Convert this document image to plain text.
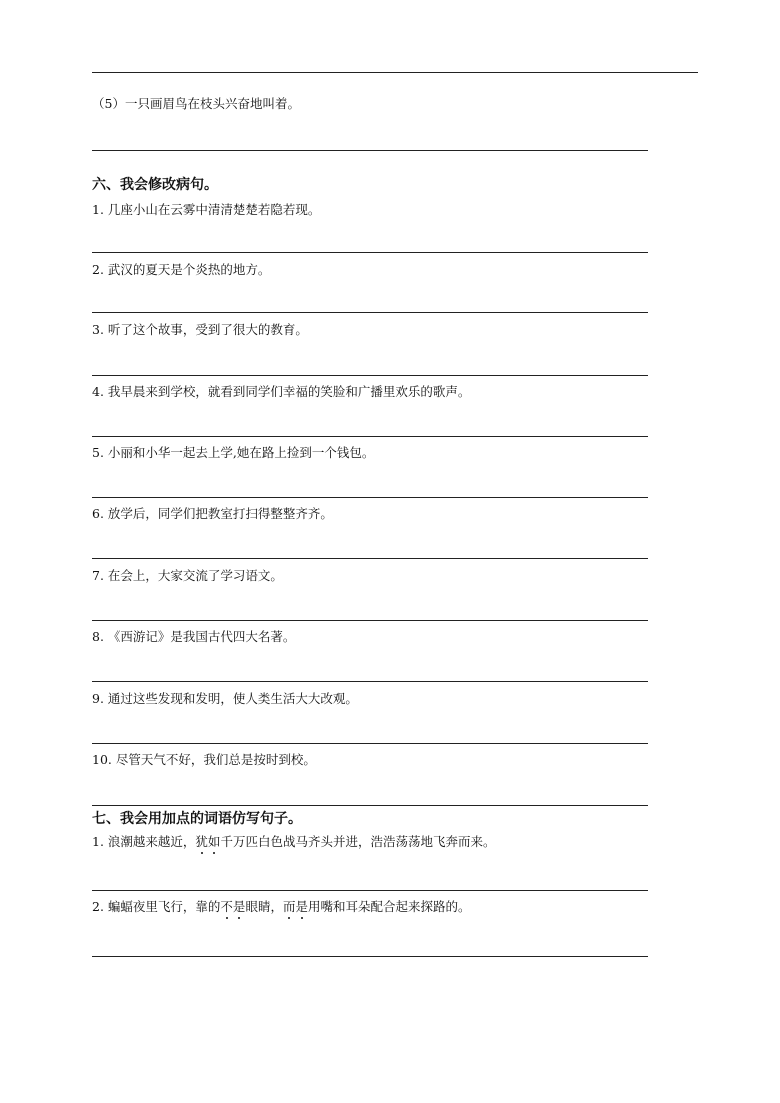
（5）一只画眉鸟在枝头兴奋地叫着。
六、我会修改病句。
1. 几座小山在云雾中清清楚楚若隐若现。
2. 武汉的夏天是个炎热的地方。
3. 听了这个故事，受到了很大的教育。
4. 我早晨来到学校，就看到同学们幸福的笑脸和广播里欢乐的歌声。
5. 小丽和小华一起去上学,她在路上捡到一个钱包。
6. 放学后，同学们把教室打扫得整整齐齐。
7. 在会上，大家交流了学习语文。
8. 《西游记》是我国古代四大名著。
9. 通过这些发现和发明，使人类生活大大改观。
10. 尽管天气不好，我们总是按时到校。
七、我会用加点的词语仿写句子。
1. 浪潮越来越近，犹如千万匹白色战马齐头并进，浩浩荡荡地飞奔而来。
2. 蝙蝠夜里飞行，靠的不是眼睛，而是用嘴和耳朵配合起来探路的。
